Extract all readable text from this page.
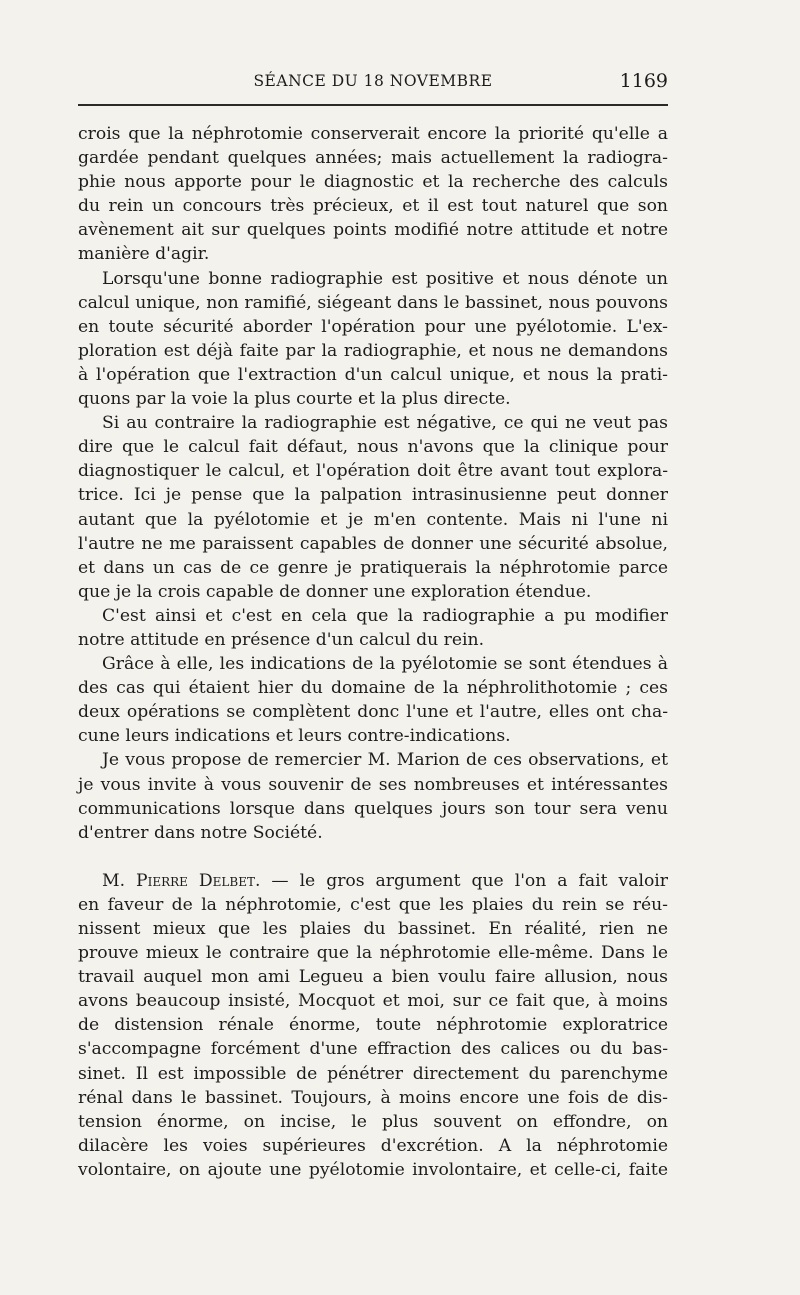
SÉANCE DU 18 NOVEMBRE	1169
crois que la néphrotomie conserverait encore la priorité qu'elle a
gardée pendant quelques années; mais actuellement la radiogra-
phie nous apporte pour le diagnostic et la recherche des calculs
du rein un concours très précieux, et il est tout naturel que son
avènement ait sur quelques points modifié notre attitude et notre
manière d'agir.
Lorsqu'une bonne radiographie est positive et nous dénote un
calcul unique, non ramifié, siégeant dans le bassinet, nous pouvons
en toute sécurité aborder l'opération pour une pyélotomie. L'ex-
ploration est déjà faite par la radiographie, et nous ne demandons
à l'opération que l'extraction d'un calcul unique, et nous la prati-
quons par la voie la plus courte et la plus directe.
Si au contraire la radiographie est négative, ce qui ne veut pas
dire que le calcul fait défaut, nous n'avons que la clinique pour
diagnostiquer le calcul, et l'opération doit être avant tout explora-
trice. Ici je pense que la palpation intrasinusienne peut donner
autant que la pyélotomie et je m'en contente. Mais ni l'une ni
l'autre ne me paraissent capables de donner une sécurité absolue,
et dans un cas de ce genre je pratiquerais la néphrotomie parce
que je la crois capable de donner une exploration étendue.
C'est ainsi et c'est en cela que la radiographie a pu modifier
notre attitude en présence d'un calcul du rein.
Grâce à elle, les indications de la pyélotomie se sont étendues à
des cas qui étaient hier du domaine de la néphrolithotomie ; ces
deux opérations se complètent donc l'une et l'autre, elles ont cha-
cune leurs indications et leurs contre-indications.
Je vous propose de remercier M. Marion de ces observations, et
je vous invite à vous souvenir de ses nombreuses et intéressantes
communications lorsque dans quelques jours son tour sera venu
d'entrer dans notre Société.
M. Pierre Delbet. — le gros argument que l'on a fait valoir
en faveur de la néphrotomie, c'est que les plaies du rein se réu-
nissent mieux que les plaies du bassinet. En réalité, rien ne
prouve mieux le contraire que la néphrotomie elle-même. Dans le
travail auquel mon ami Legueu a bien voulu faire allusion, nous
avons beaucoup insisté, Mocquot et moi, sur ce fait que, à moins
de distension rénale énorme, toute néphrotomie exploratrice
s'accompagne forcément d'une effraction des calices ou du bas-
sinet. Il est impossible de pénétrer directement du parenchyme
rénal dans le bassinet. Toujours, à moins encore une fois de dis-
tension énorme, on incise, le plus souvent on effondre, on
dilacère les voies supérieures d'excrétion. A la néphrotomie
volontaire, on ajoute une pyélotomie involontaire, et celle-ci, faite
